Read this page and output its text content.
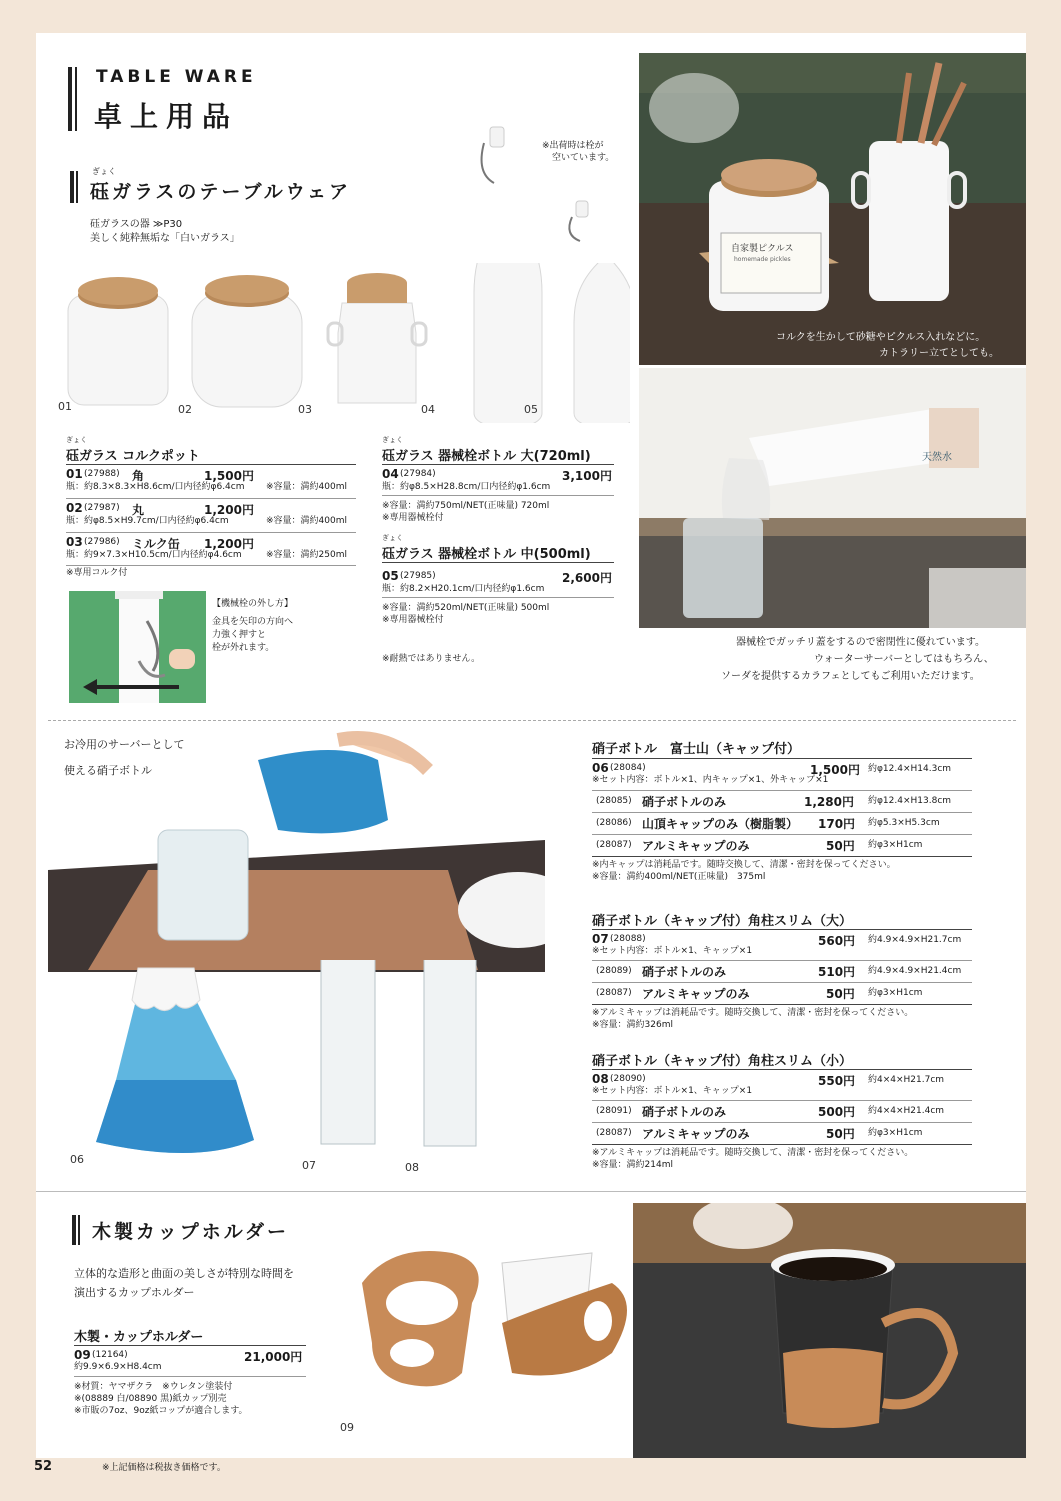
TABLE WARE
卓上用品
ぎょく
砡ガラスのテーブルウェア
砡ガラスの器 ≫P30
美しく純粋無垢な「白いガラス」
※出荷時は栓が
空いています。
01	02	03	04	05
ぎょく
砡ガラス コルクポット
01 (27988) 角	1,500円
瓶：約8.3×8.3×H8.6cm/口内径約φ6.4cm ※容量：満約400ml
02 (27987) 丸	1,200円
瓶：約φ8.5×H9.7cm/口内径約φ6.4cm	※容量：満約400ml
03 (27986) ミルク缶 1,200円
瓶：約9×7.3×H10.5cm/口内径約φ4.6cm	※容量：満約250ml
※専用コルク付
ぎょく
砡ガラス 器械栓ボトル 大(720ml)
04 (27984)	3,100円
瓶：約φ8.5×H28.8cm/口内径約φ1.6cm
※容量：満約750ml/NET(正味量) 720ml
※専用器械栓付
ぎょく
砡ガラス 器械栓ボトル 中(500ml)
05 (27985)	2,600円
瓶：約8.2×H20.1cm/口内径約φ1.6cm
※容量：満約520ml/NET(正味量) 500ml
※専用器械栓付
※耐熱ではありません。
【機械栓の外し方】
金具を矢印の方向へ
力強く押すと
栓が外れます。
自家製ピクルス
homemade pickles
コルクを生かして砂糖やピクルス入れなどに。
カトラリー立てとしても。
天然水
器械栓でガッチリ蓋をするので密閉性に優れています。
ウォーターサーバーとしてはもちろん、
ソーダを提供するカラフェとしてもご利用いただけます。
お冷用のサーバーとして
使える硝子ボトル
06	07	08
硝子ボトル　富士山（キャップ付）
06 (28084)	1,500円 約φ12.4×H14.3cm
※セット内容：ボトル×1、内キャップ×1、外キャップ×1
(28085) 硝子ボトルのみ	1,280円 約φ12.4×H13.8cm
(28086) 山頂キャップのみ（樹脂製） 170円 約φ5.3×H5.3cm
(28087) アルミキャップのみ	50円 約φ3×H1cm
※内キャップは消耗品です。随時交換して、清潔・密封を保ってください。
※容量：満約400ml/NET(正味量)　375ml
硝子ボトル（キャップ付）角柱スリム（大）
07 (28088)	560円 約4.9×4.9×H21.7cm
※セット内容：ボトル×1、キャップ×1
(28089) 硝子ボトルのみ	510円 約4.9×4.9×H21.4cm
(28087) アルミキャップのみ	50円 約φ3×H1cm
※アルミキャップは消耗品です。随時交換して、清潔・密封を保ってください。
※容量：満約326ml
硝子ボトル（キャップ付）角柱スリム（小）
08 (28090)	550円 約4×4×H21.7cm
※セット内容：ボトル×1、キャップ×1
(28091) 硝子ボトルのみ	500円 約4×4×H21.4cm
(28087) アルミキャップのみ	50円 約φ3×H1cm
※アルミキャップは消耗品です。随時交換して、清潔・密封を保ってください。
※容量：満約214ml
木製カップホルダー
立体的な造形と曲面の美しさが特別な時間を
演出するカップホルダー
木製・カップホルダー
09 (12164)	21,000円
約9.9×6.9×H8.4cm
※材質：ヤマザクラ　※ウレタン塗装付
※(08889 白/08890 黒)紙カップ別売
※市販の7oz、9oz紙コップが適合します。
09
52	※上記価格は税抜き価格です。
